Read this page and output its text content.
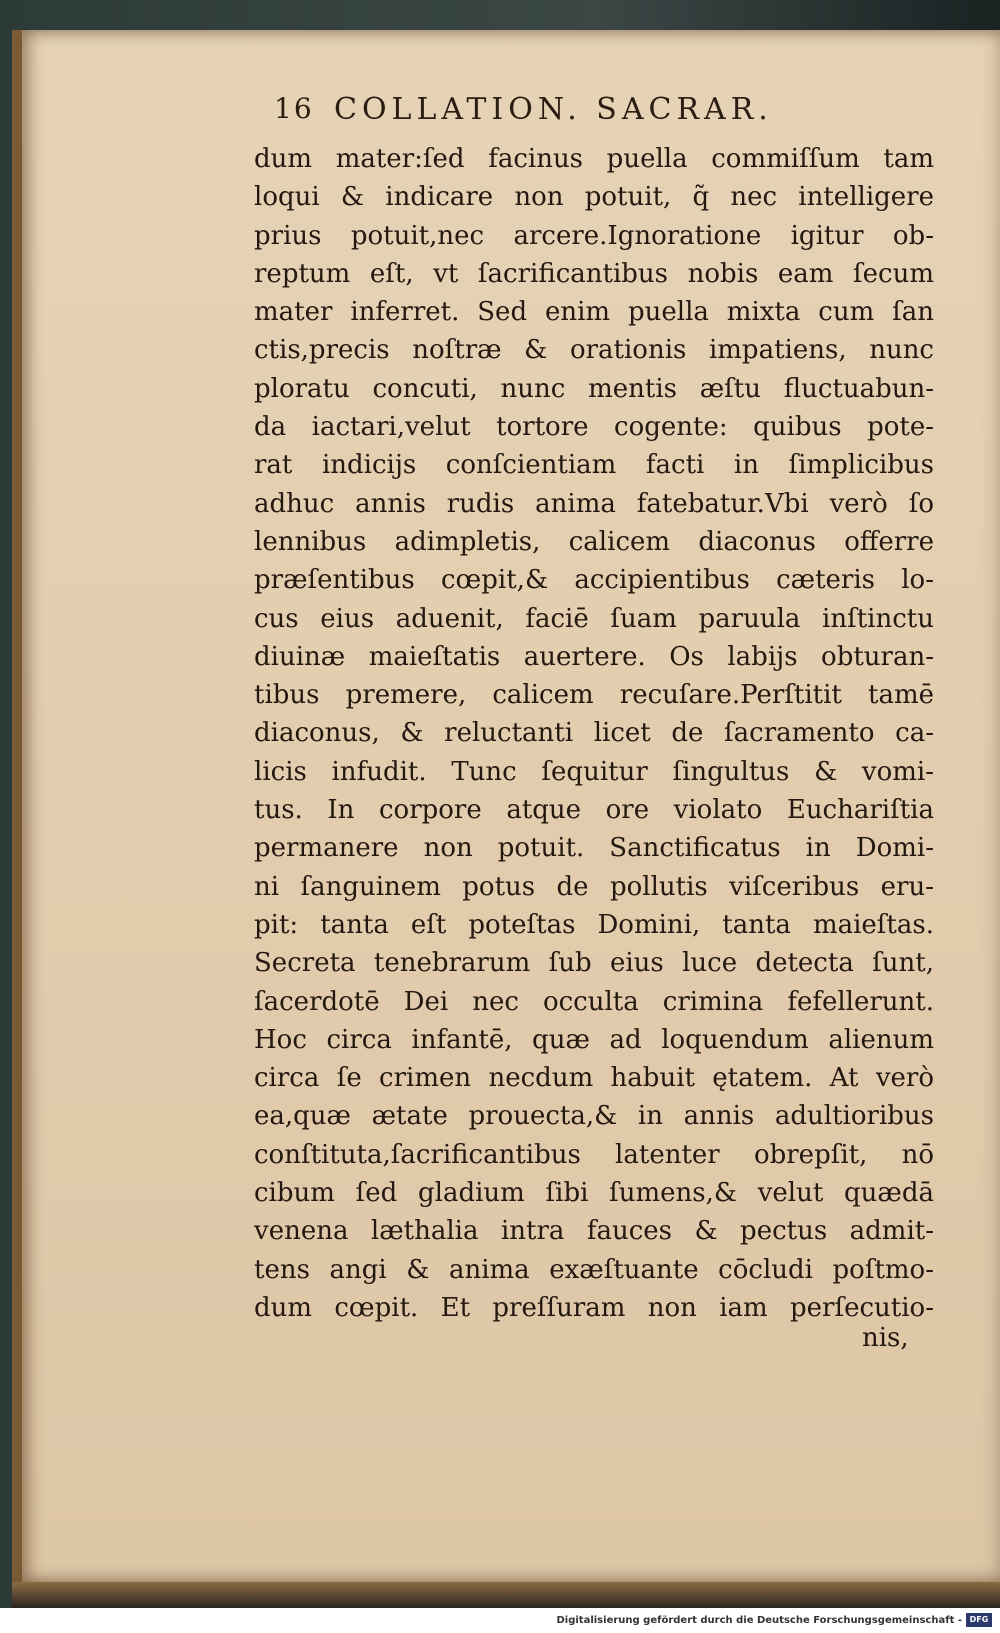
16 COLLATION. SACRAR.
dum mater:ſed facinus puella commiſſum tam
loqui & indicare non potuit, q̃ nec intelligere
prius potuit,nec arcere.Ignoratione igitur ob-
reptum eſt, vt ſacrificantibus nobis eam ſecum
mater inferret. Sed enim puella mixta cum ſan
ctis,precis noſtræ & orationis impatiens, nunc
ploratu concuti, nunc mentis æſtu fluctuabun-
da iactari,velut tortore cogente: quibus pote-
rat indicijs conſcientiam facti in ſimplicibus
adhuc annis rudis anima fatebatur.Vbi verò ſo
lennibus adimpletis, calicem diaconus offerre
præſentibus cœpit,& accipientibus cæteris lo-
cus eius aduenit, faciē ſuam paruula inſtinctu
diuinæ maieſtatis auertere. Os labijs obturan-
tibus premere, calicem recuſare.Perſtitit tamē
diaconus, & reluctanti licet de ſacramento ca-
licis infudit. Tunc ſequitur ſingultus & vomi-
tus. In corpore atque ore violato Euchariſtia
permanere non potuit. Sanctificatus in Domi-
ni ſanguinem potus de pollutis viſceribus eru-
pit: tanta eſt poteſtas Domini, tanta maieſtas.
Secreta tenebrarum ſub eius luce detecta ſunt,
ſacerdotē Dei nec occulta crimina fefellerunt.
Hoc circa infantē, quæ ad loquendum alienum
circa ſe crimen necdum habuit ętatem. At verò
ea,quæ ætate prouecta,& in annis adultioribus
conſtituta,ſacrificantibus latenter obrepſit, nō
cibum ſed gladium ſibi ſumens,& velut quædā
venena læthalia intra fauces & pectus admit-
tens angi & anima exæſtuante cōcludi poſtmo-
dum cœpit. Et preſſuram non iam perſecutio-
nis,
Digitalisierung gefördert durch die Deutsche Forschungsgemeinschaft - DFG
